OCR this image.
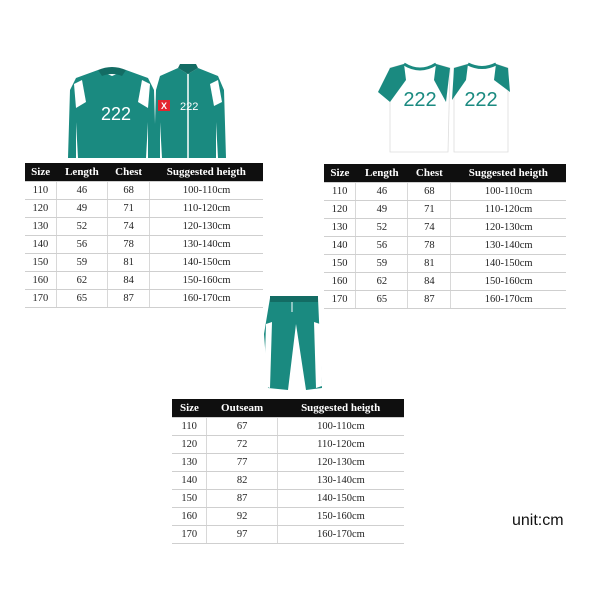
222	X 222	222 222
Size	Length	Chest	Suggested heigth
110	46	68	100-110cm
120	49	71	110-120cm
130	52	74	120-130cm
140	56	78	130-140cm
150	59	81	140-150cm
160	62	84	150-160cm
170	65	87	160-170cm
Size	Length	Chest	Suggested heigth
110	46	68	100-110cm
120	49	71	110-120cm
130	52	74	120-130cm
140	56	78	130-140cm
150	59	81	140-150cm
160	62	84	150-160cm
170	65	87	160-170cm
Size	Outseam	Suggested heigth
110	67	100-110cm
120	72	110-120cm
130	77	120-130cm
140	82	130-140cm
150	87	140-150cm
160	92	150-160cm
170	97	160-170cm
unit:cm
